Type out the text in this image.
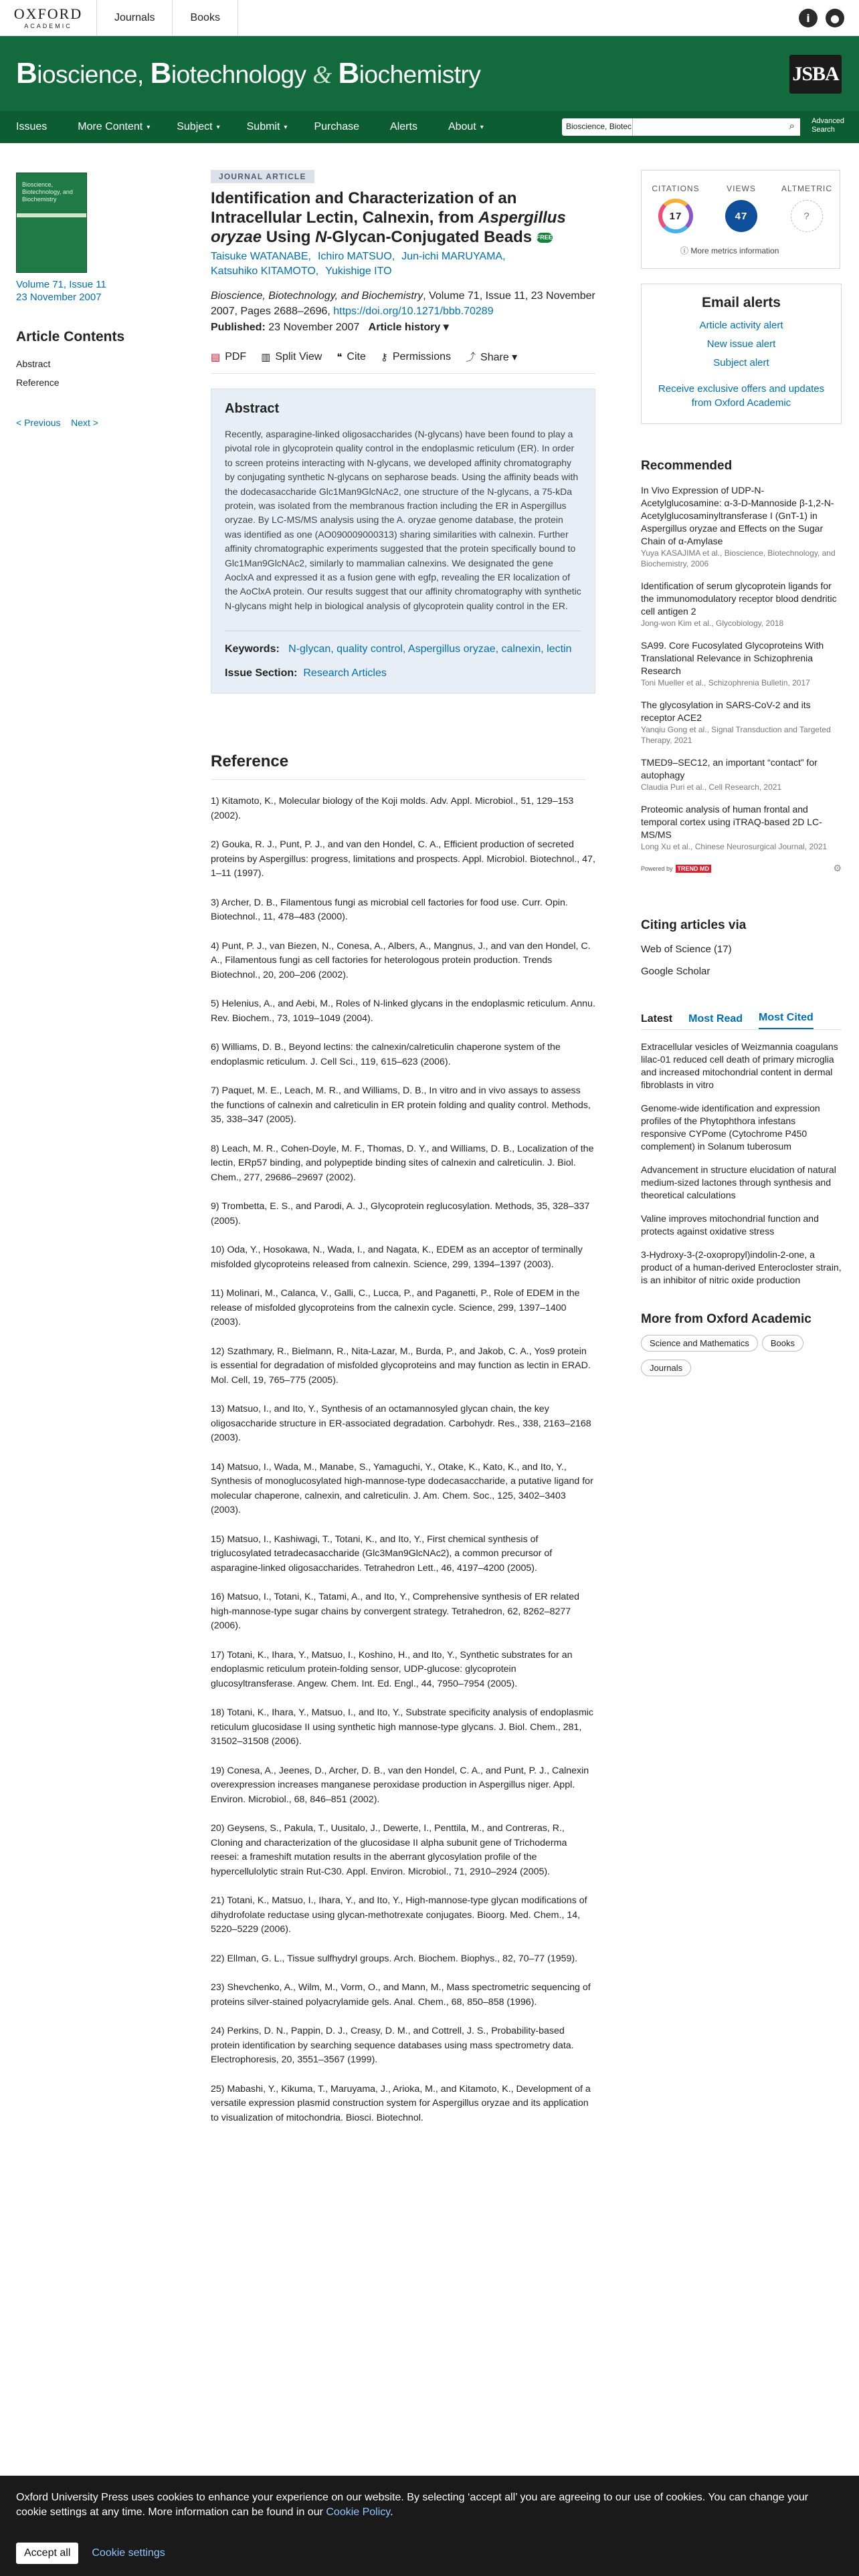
OXFORD
ACADEMIC
Journals	Books	i	●
Bioscience, Biotechnology & Biochemistry	JSBA
Issues	More Content ▾	Subject ▾	Submit ▾	Purchase	Alerts	About ▾	Bioscience, Biotec	⌕ Advanced
Search
Bioscience, Biotechnology, and Biochemistry
Volume 71, Issue 11
23 November 2007
Article Contents
Abstract
Reference
< Previous Next >
JOURNAL ARTICLE
Identification and Characterization of an Intracellular Lectin, Calnexin, from Aspergillus oryzae Using N-Glycan-Conjugated Beads FREE
Taisuke WATANABE, Ichiro MATSUO, Jun-ichi MARUYAMA,
Katsuhiko KITAMOTO, Yukishige ITO
Bioscience, Biotechnology, and Biochemistry, Volume 71, Issue 11, 23 November 2007, Pages 2688–2696, https://doi.org/10.1271/bbb.70289
Published: 23 November 2007 Article history ▾
▤ PDF ▥ Split View ❝ Cite ⚷ Permissions ⤴ Share ▾
Abstract

Recently, asparagine-linked oligosaccharides (N-glycans) have been found to play a pivotal role in glycoprotein quality control in the endoplasmic reticulum (ER). In order to screen proteins interacting with N-glycans, we developed affinity chromatography by conjugating synthetic N-glycans on sepharose beads. Using the affinity beads with the dodecasaccharide Glc1Man9GlcNAc2, one structure of the N-glycans, a 75-kDa protein, was isolated from the membranous fraction including the ER in Aspergillus oryzae. By LC-MS/MS analysis using the A. oryzae genome database, the protein was identified as one (AO090009000313) sharing similarities with calnexin. Further affinity chromatographic experiments suggested that the protein specifically bound to Glc1Man9GlcNAc2, similarly to mammalian calnexins. We designated the gene AoclxA and expressed it as a fusion gene with egfp, revealing the ER localization of the AoClxA protein. Our results suggest that our affinity chromatography with synthetic N-glycans might help in biological analysis of glycoprotein quality control in the ER.

Keywords: N-glycan, quality control, Aspergillus oryzae, calnexin, lectin
Issue Section: Research Articles
Reference
1) Kitamoto, K., Molecular biology of the Koji molds. Adv. Appl. Microbiol., 51, 129–153 (2002).
2) Gouka, R. J., Punt, P. J., and van den Hondel, C. A., Efficient production of secreted proteins by Aspergillus: progress, limitations and prospects. Appl. Microbiol. Biotechnol., 47, 1–11 (1997).
3) Archer, D. B., Filamentous fungi as microbial cell factories for food use. Curr. Opin. Biotechnol., 11, 478–483 (2000).
4) Punt, P. J., van Biezen, N., Conesa, A., Albers, A., Mangnus, J., and van den Hondel, C. A., Filamentous fungi as cell factories for heterologous protein production. Trends Biotechnol., 20, 200–206 (2002).
5) Helenius, A., and Aebi, M., Roles of N-linked glycans in the endoplasmic reticulum. Annu. Rev. Biochem., 73, 1019–1049 (2004).
6) Williams, D. B., Beyond lectins: the calnexin/calreticulin chaperone system of the endoplasmic reticulum. J. Cell Sci., 119, 615–623 (2006).
7) Paquet, M. E., Leach, M. R., and Williams, D. B., In vitro and in vivo assays to assess the functions of calnexin and calreticulin in ER protein folding and quality control. Methods, 35, 338–347 (2005).
8) Leach, M. R., Cohen-Doyle, M. F., Thomas, D. Y., and Williams, D. B., Localization of the lectin, ERp57 binding, and polypeptide binding sites of calnexin and calreticulin. J. Biol. Chem., 277, 29686–29697 (2002).
9) Trombetta, E. S., and Parodi, A. J., Glycoprotein reglucosylation. Methods, 35, 328–337 (2005).
10) Oda, Y., Hosokawa, N., Wada, I., and Nagata, K., EDEM as an acceptor of terminally misfolded glycoproteins released from calnexin. Science, 299, 1394–1397 (2003).
11) Molinari, M., Calanca, V., Galli, C., Lucca, P., and Paganetti, P., Role of EDEM in the release of misfolded glycoproteins from the calnexin cycle. Science, 299, 1397–1400 (2003).
12) Szathmary, R., Bielmann, R., Nita-Lazar, M., Burda, P., and Jakob, C. A., Yos9 protein is essential for degradation of misfolded glycoproteins and may function as lectin in ERAD. Mol. Cell, 19, 765–775 (2005).
13) Matsuo, I., and Ito, Y., Synthesis of an octamannosyled glycan chain, the key oligosaccharide structure in ER-associated degradation. Carbohydr. Res., 338, 2163–2168 (2003).
14) Matsuo, I., Wada, M., Manabe, S., Yamaguchi, Y., Otake, K., Kato, K., and Ito, Y., Synthesis of monoglucosylated high-mannose-type dodecasaccharide, a putative ligand for molecular chaperone, calnexin, and calreticulin. J. Am. Chem. Soc., 125, 3402–3403 (2003).
15) Matsuo, I., Kashiwagi, T., Totani, K., and Ito, Y., First chemical synthesis of triglucosylated tetradecasaccharide (Glc3Man9GlcNAc2), a common precursor of asparagine-linked oligosaccharides. Tetrahedron Lett., 46, 4197–4200 (2005).
16) Matsuo, I., Totani, K., Tatami, A., and Ito, Y., Comprehensive synthesis of ER related high-mannose-type sugar chains by convergent strategy. Tetrahedron, 62, 8262–8277 (2006).
17) Totani, K., Ihara, Y., Matsuo, I., Koshino, H., and Ito, Y., Synthetic substrates for an endoplasmic reticulum protein-folding sensor, UDP-glucose: glycoprotein glucosyltransferase. Angew. Chem. Int. Ed. Engl., 44, 7950–7954 (2005).
18) Totani, K., Ihara, Y., Matsuo, I., and Ito, Y., Substrate specificity analysis of endoplasmic reticulum glucosidase II using synthetic high mannose-type glycans. J. Biol. Chem., 281, 31502–31508 (2006).
19) Conesa, A., Jeenes, D., Archer, D. B., van den Hondel, C. A., and Punt, P. J., Calnexin overexpression increases manganese peroxidase production in Aspergillus niger. Appl. Environ. Microbiol., 68, 846–851 (2002).
20) Geysens, S., Pakula, T., Uusitalo, J., Dewerte, I., Penttila, M., and Contreras, R., Cloning and characterization of the glucosidase II alpha subunit gene of Trichoderma reesei: a frameshift mutation results in the aberrant glycosylation profile of the hypercellulolytic strain Rut-C30. Appl. Environ. Microbiol., 71, 2910–2924 (2005).
21) Totani, K., Matsuo, I., Ihara, Y., and Ito, Y., High-mannose-type glycan modifications of dihydrofolate reductase using glycan-methotrexate conjugates. Bioorg. Med. Chem., 14, 5220–5229 (2006).
22) Ellman, G. L., Tissue sulfhydryl groups. Arch. Biochem. Biophys., 82, 70–77 (1959).
23) Shevchenko, A., Wilm, M., Vorm, O., and Mann, M., Mass spectrometric sequencing of proteins silver-stained polyacrylamide gels. Anal. Chem., 68, 850–858 (1996).
24) Perkins, D. N., Pappin, D. J., Creasy, D. M., and Cottrell, J. S., Probability-based protein identification by searching sequence databases using mass spectrometry data. Electrophoresis, 20, 3551–3567 (1999).
25) Mabashi, Y., Kikuma, T., Maruyama, J., Arioka, M., and Kitamoto, K., Development of a versatile expression plasmid construction system for Aspergillus oryzae and its application to visualization of mitochondria. Biosci. Biotechnol.
CITATIONS
17
VIEWS
47
ALTMETRIC
?
ⓘ More metrics information
Email alerts
Article activity alert
New issue alert
Subject alert
Receive exclusive offers and updates from Oxford Academic
Recommended
In Vivo Expression of UDP-N-Acetylglucosamine: α-3-D-Mannoside β-1,2-N-Acetylglucosaminyltransferase I (GnT-1) in Aspergillus oryzae and Effects on the Sugar Chain of α-Amylase
Yuya KASAJIMA et al., Bioscience, Biotechnology, and Biochemistry, 2006
Identification of serum glycoprotein ligands for the immunomodulatory receptor blood dendritic cell antigen 2
Jong-won Kim et al., Glycobiology, 2018
SA99. Core Fucosylated Glycoproteins With Translational Relevance in Schizophrenia Research
Toni Mueller et al., Schizophrenia Bulletin, 2017
The glycosylation in SARS-CoV-2 and its receptor ACE2
Yanqiu Gong et al., Signal Transduction and Targeted Therapy, 2021
TMED9–SEC12, an important “contact” for autophagy
Claudia Puri et al., Cell Research, 2021
Proteomic analysis of human frontal and temporal cortex using iTRAQ-based 2D LC-MS/MS
Long Xu et al., Chinese Neurosurgical Journal, 2021
Powered by TREND MD	⚙
Citing articles via
Web of Science (17)
Google Scholar
Latest Most Read Most Cited
Extracellular vesicles of Weizmannia coagulans lilac-01 reduced cell death of primary microglia and increased mitochondrial content in dermal fibroblasts in vitro
Genome-wide identification and expression profiles of the Phytophthora infestans responsive CYPome (Cytochrome P450 complement) in Solanum tuberosum
Advancement in structure elucidation of natural medium-sized lactones through synthesis and theoretical calculations
Valine improves mitochondrial function and protects against oxidative stress
3-Hydroxy-3-(2-oxopropyl)indolin-2-one, a product of a human-derived Enterocloster strain, is an inhibitor of nitric oxide production
More from Oxford Academic
Science and Mathematics Books
Journals

Oxford University Press uses cookies to enhance your experience on our website. By selecting ‘accept all’ you are agreeing to our use of cookies. You can change your cookie settings at any time. More information can be found in our Cookie Policy.

Accept all	Cookie settings
